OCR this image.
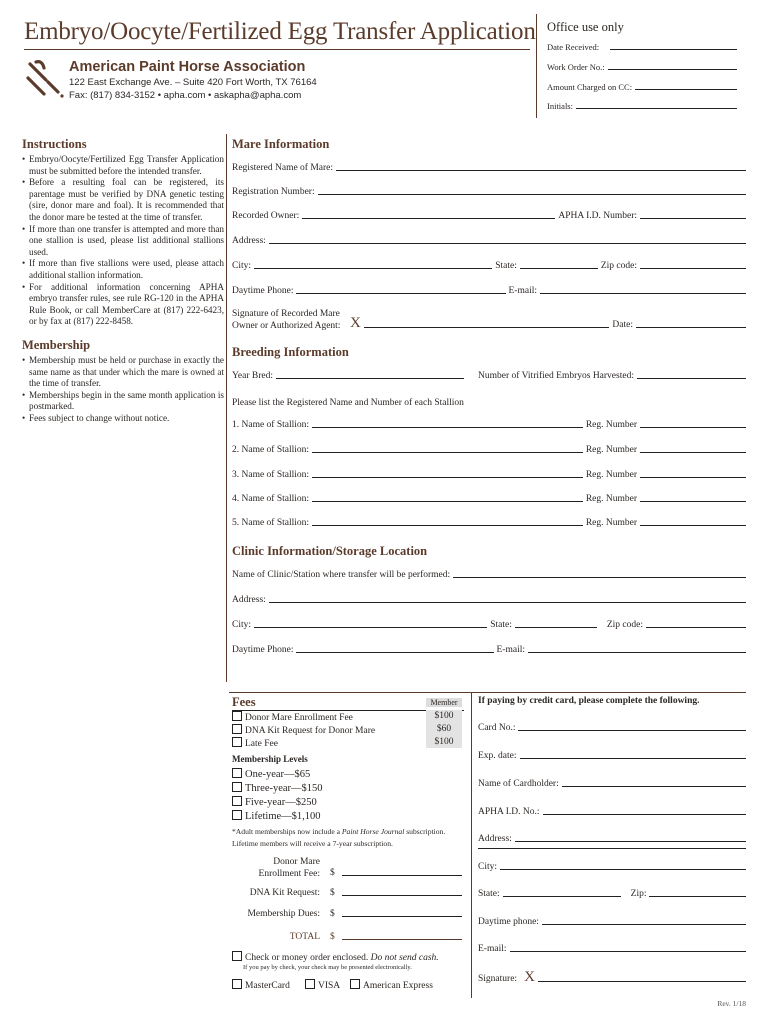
Embryo/Oocyte/Fertilized Egg Transfer Application
American Paint Horse Association
122 East Exchange Ave. – Suite 420 Fort Worth, TX 76164
Fax: (817) 834-3152 • apha.com • askapha@apha.com
Office use only
Date Received:
Work Order No.:
Amount Charged on CC:
Initials:
Instructions
• Embryo/Oocyte/Fertilized Egg Transfer Application must be submitted before the intended transfer.
• Before a resulting foal can be registered, its parentage must be verified by DNA genetic testing (sire, donor mare and foal). It is recommended that the donor mare be tested at the time of transfer.
• If more than one transfer is attempted and more than one stallion is used, please list additional stallions used.
• If more than five stallions were used, please attach additional stallion information.
• For additional information concerning APHA embryo transfer rules, see rule RG-120 in the APHA Rule Book, or call MemberCare at (817) 222-6423, or by fax at (817) 222-8458.
Membership
• Membership must be held or purchase in exactly the same name as that under which the mare is owned at the time of transfer.
• Memberships begin in the same month application is postmarked.
• Fees subject to change without notice.
Mare Information
Registered Name of Mare:
Registration Number:
Recorded Owner:	APHA I.D. Number:
Address:
City:	State:	Zip code:
Daytime Phone:	E-mail:
Signature of Recorded Mare
Owner or Authorized Agent: X	Date:
Breeding Information
Year Bred:	Number of Vitrified Embryos Harvested:
Please list the Registered Name and Number of each Stallion
1. Name of Stallion:	Reg. Number
2. Name of Stallion:	Reg. Number
3. Name of Stallion:	Reg. Number
4. Name of Stallion:	Reg. Number
5. Name of Stallion:	Reg. Number
Clinic Information/Storage Location
Name of Clinic/Station where transfer will be performed:
Address:
City:	State:	Zip code:
Daytime Phone:	E-mail:
Fees	Member
Donor Mare Enrollment Fee	$100
DNA Kit Request for Donor Mare	$60
Late Fee	$100
Membership Levels
One-year—$65
Three-year—$150
Five-year—$250
Lifetime—$1,100
*Adult memberships now include a Paint Horse Journal subscription. Lifetime members will receive a 7-year subscription.
Donor Mare
Enrollment Fee: $
DNA Kit Request: $
Membership Dues: $
TOTAL $
Check or money order enclosed. Do not send cash.
If you pay by check, your check may be presented electronically.
MasterCard	VISA	American Express
If paying by credit card, please complete the following.
Card No.:
Exp. date:
Name of Cardholder:
APHA I.D. No.:
Address:
City:
State:	Zip:
Daytime phone:
E-mail:
Signature: X
Rev. 1/18
